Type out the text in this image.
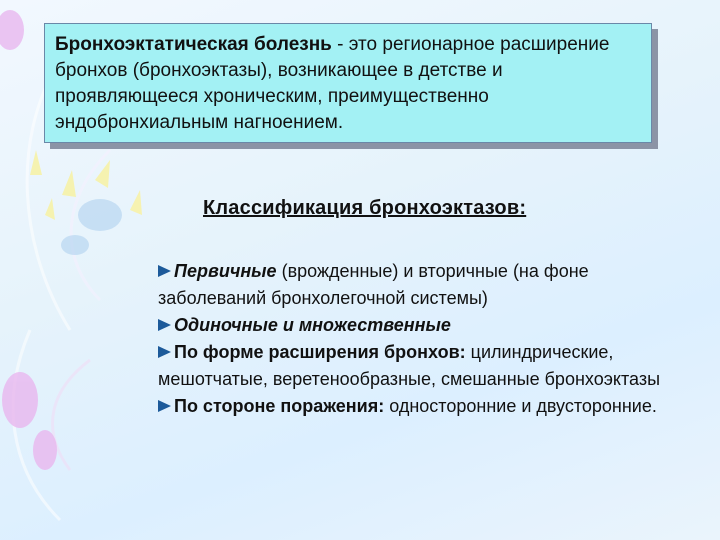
Бронхоэктатическая болезнь - это регионарное расширение бронхов (бронхоэктазы), возникающее в детстве и проявляющееся хроническим, преимущественно эндобронхиальным нагноением.

Классификация бронхоэктазов:

Первичные (врожденные) и вторичные (на фоне заболеваний бронхолегочной системы)

Одиночные и множественные

По форме расширения бронхов: цилиндрические, мешотчатые, веретенообразные, смешанные бронхоэктазы

По стороне поражения: односторонние и двусторонние.
